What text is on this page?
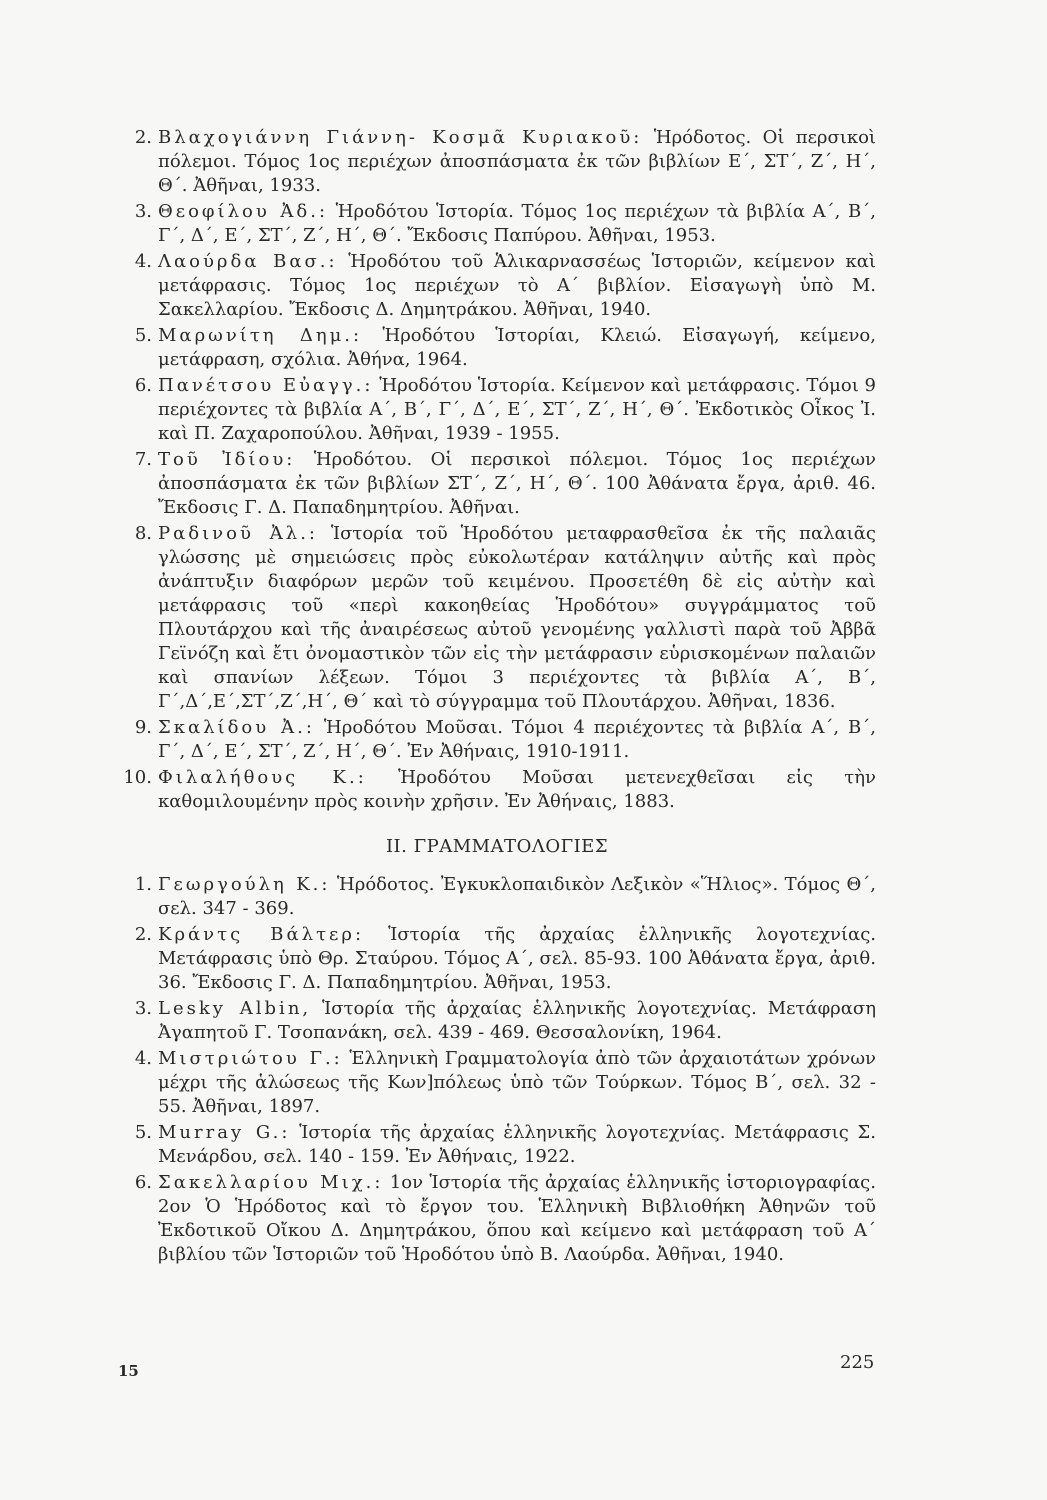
2. Βλαχογιάννη Γιάννη- Κοσμᾶ Κυριακοῦ: Ἡρόδοτος. Οἱ περσικοὶ πόλεμοι. Τόμος 1ος περιέχων ἀποσπάσματα ἐκ τῶν βιβλίων Ε΄, ΣΤ΄, Ζ΄, Η΄, Θ΄. Ἀθῆναι, 1933.
3. Θεοφίλου Ἀδ.: Ἡροδότου Ἱστορία. Τόμος 1ος περιέχων τὰ βιβλία Α΄, Β΄, Γ΄, Δ΄, Ε΄, ΣΤ΄, Ζ΄, Η΄, Θ΄. Ἔκδοσις Παπύρου. Ἀθῆναι, 1953.
4. Λαούρδα Βασ.: Ἡροδότου τοῦ Ἁλικαρνασσέως Ἱστοριῶν, κείμενον καὶ μετάφρασις. Τόμος 1ος περιέχων τὸ Α΄ βιβλίον. Εἰσαγωγὴ ὑπὸ Μ. Σακελλαρίου. Ἔκδοσις Δ. Δημητράκου. Ἀθῆναι, 1940.
5. Μαρωνίτη Δημ.: Ἡροδότου Ἱστορίαι, Κλειώ. Εἰσαγωγή, κείμενο, μετάφραση, σχόλια. Ἀθήνα, 1964.
6. Πανέτσου Εὐαγγ.: Ἡροδότου Ἱστορία. Κείμενον καὶ μετάφρασις. Τόμοι 9 περιέχοντες τὰ βιβλία Α΄, Β΄, Γ΄, Δ΄, Ε΄, ΣΤ΄, Ζ΄, Η΄, Θ΄. Ἐκδοτικὸς Οἶκος Ἰ. καὶ Π. Ζαχαροπούλου. Ἀθῆναι, 1939 - 1955.
7. Τοῦ Ἰδίου: Ἡροδότου. Οἱ περσικοὶ πόλεμοι. Τόμος 1ος περιέχων ἀποσπάσματα ἐκ τῶν βιβλίων ΣΤ΄, Ζ΄, Η΄, Θ΄. 100 Ἀθάνατα ἔργα, ἀριθ. 46. Ἔκδοσις Γ. Δ. Παπαδημητρίου. Ἀθῆναι.
8. Ραδινοῦ Ἀλ.: Ἱστορία τοῦ Ἡροδότου μεταφρασθεῖσα ἐκ τῆς παλαιᾶς γλώσσης μὲ σημειώσεις πρὸς εὐκολωτέραν κατάληψιν αὐτῆς καὶ πρὸς ἀνάπτυξιν διαφόρων μερῶν τοῦ κειμένου. Προσετέθη δὲ εἰς αὐτὴν καὶ μετάφρασις τοῦ «περὶ κακοηθείας Ἡροδότου» συγγράμματος τοῦ Πλουτάρχου καὶ τῆς ἀναιρέσεως αὐτοῦ γενομένης γαλλιστὶ παρὰ τοῦ Ἀββᾶ Γεϊνόζη καὶ ἔτι ὀνομαστικὸν τῶν εἰς τὴν μετάφρασιν εὑρισκομένων παλαιῶν καὶ σπανίων λέξεων. Τόμοι 3 περιέχοντες τὰ βιβλία Α΄, Β΄, Γ΄,Δ΄,Ε΄,ΣΤ΄,Ζ΄,Η΄, Θ΄ καὶ τὸ σύγγραμμα τοῦ Πλουτάρχου. Ἀθῆναι, 1836.
9. Σκαλίδου Ἀ.: Ἡροδότου Μοῦσαι. Τόμοι 4 περιέχοντες τὰ βιβλία Α΄, Β΄, Γ΄, Δ΄, Ε΄, ΣΤ΄, Ζ΄, Η΄, Θ΄. Ἐν Ἀθήναις, 1910-1911.
10. Φιλαλήθους Κ.: Ἡροδότου Μοῦσαι μετενεχθεῖσαι εἰς τὴν καθομιλουμένην πρὸς κοινὴν χρῆσιν. Ἐν Ἀθήναις, 1883.
II. ΓΡΑΜΜΑΤΟΛΟΓΙΕΣ
1. Γεωργούλη Κ.: Ἡρόδοτος. Ἐγκυκλοπαιδικὸν Λεξικὸν «Ἥλιος». Τόμος Θ΄, σελ. 347 - 369.
2. Κράντς Βάλτερ: Ἱστορία τῆς ἀρχαίας ἑλληνικῆς λογοτεχνίας. Μετάφρασις ὑπὸ Θρ. Σταύρου. Τόμος Α΄, σελ. 85-93. 100 Ἀθάνατα ἔργα, ἀριθ. 36. Ἔκδοσις Γ. Δ. Παπαδημητρίου. Ἀθῆναι, 1953.
3. Lesky Albin, Ἱστορία τῆς ἀρχαίας ἑλληνικῆς λογοτεχνίας. Μετάφραση Ἀγαπητοῦ Γ. Τσοπανάκη, σελ. 439 - 469. Θεσσαλονίκη, 1964.
4. Μιστριώτου Γ.: Ἑλληνικὴ Γραμματολογία ἀπὸ τῶν ἀρχαιοτάτων χρόνων μέχρι τῆς ἁλώσεως τῆς Κων]πόλεως ὑπὸ τῶν Τούρκων. Τόμος Β΄, σελ. 32 - 55. Ἀθῆναι, 1897.
5. Murray G.: Ἱστορία τῆς ἀρχαίας ἑλληνικῆς λογοτεχνίας. Μετάφρασις Σ. Μενάρδου, σελ. 140 - 159. Ἐν Ἀθήναις, 1922.
6. Σακελλαρίου Μιχ.: 1ον Ἱστορία τῆς ἀρχαίας ἑλληνικῆς ἱστοριογραφίας. 2ον Ὁ Ἡρόδοτος καὶ τὸ ἔργον του. Ἑλληνικὴ Βιβλιοθήκη Ἀθηνῶν τοῦ Ἐκδοτικοῦ Οἴκου Δ. Δημητράκου, ὅπου καὶ κείμενο καὶ μετάφραση τοῦ Α΄ βιβλίου τῶν Ἱστοριῶν τοῦ Ἡροδότου ὑπὸ Β. Λαούρδα. Ἀθῆναι, 1940.
15	225
